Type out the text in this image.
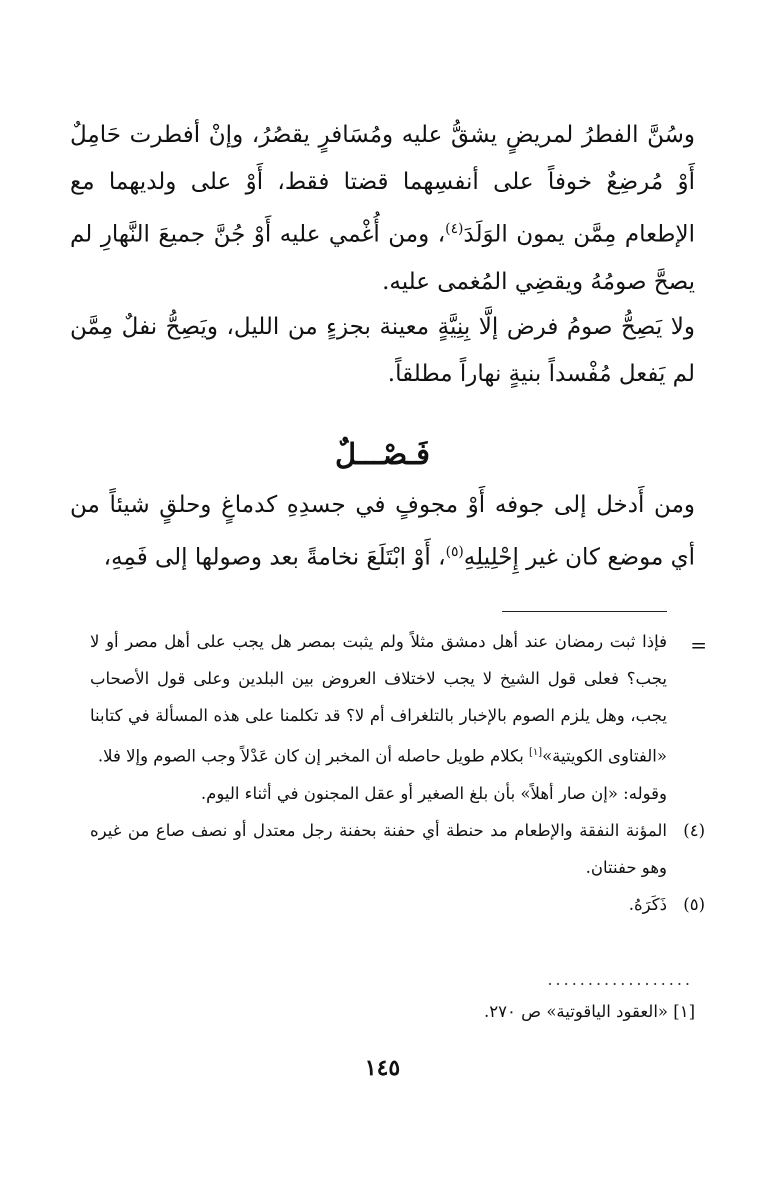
وسُنَّ الفطرُ لمريضٍ يشقُّ عليه ومُسَافرٍ يقصُرُ، وإنْ أفطرت حَامِلٌ أَوْ مُرضِعٌ خوفاً على أنفسِهما قضتا فقط، أَوْ على ولديهما مع الإطعام مِمَّن يمون الوَلَدَ$^{(٤)}$، ومن أُغْمي عليه أَوْ جُنَّ جميعَ النَّهارِ لم يصحَّ صومُهُ ويقضِي المُغمى عليه.

ولا يَصِحُّ صومُ فرض إلَّا بِنِيَّةٍ معينة بجزءٍ من الليل، ويَصِحُّ نفلٌ مِمَّن لم يَفعل مُفْسداً بنيةٍ نهاراً مطلقاً.

فَـصْـــلٌ

ومن أَدخل إلى جوفه أَوْ مجوفٍ في جسدِهِ كدماغٍ وحلقٍ شيئاً من أي موضع كان غير إِحْلِيلِهِ$^{(٥)}$، أَوْ ابْتَلَعَ نخامةً بعد وصولها إلى فَمِهِ،

=

فإذا ثبت رمضان عند أهل دمشق مثلاً ولم يثبت بمصر هل يجب على أهل مصر أو لا يجب؟ فعلى قول الشيخ لا يجب لاختلاف العروض بين البلدين وعلى قول الأصحاب يجب، وهل يلزم الصوم بالإخبار بالتلغراف أم لا؟ قد تكلمنا على هذه المسألة في كتابنا «الفتاوى الكويتية»[١] بكلام طويل حاصله أن المخبر إن كان عَدْلاً وجب الصوم وإلا فلا.

وقوله: «إن صار أهلاً» بأن بلغ الصغير أو عقل المجنون في أثناء اليوم.

(٤)
المؤنة النفقة والإطعام مد حنطة أي حفنة بحفنة رجل معتدل أو نصف صاع من غيره وهو حفنتان.

(٥)
ذَكَرَهُ.

..................
[١] «العقود الياقوتية» ص ٢٧٠.
١٤٥
